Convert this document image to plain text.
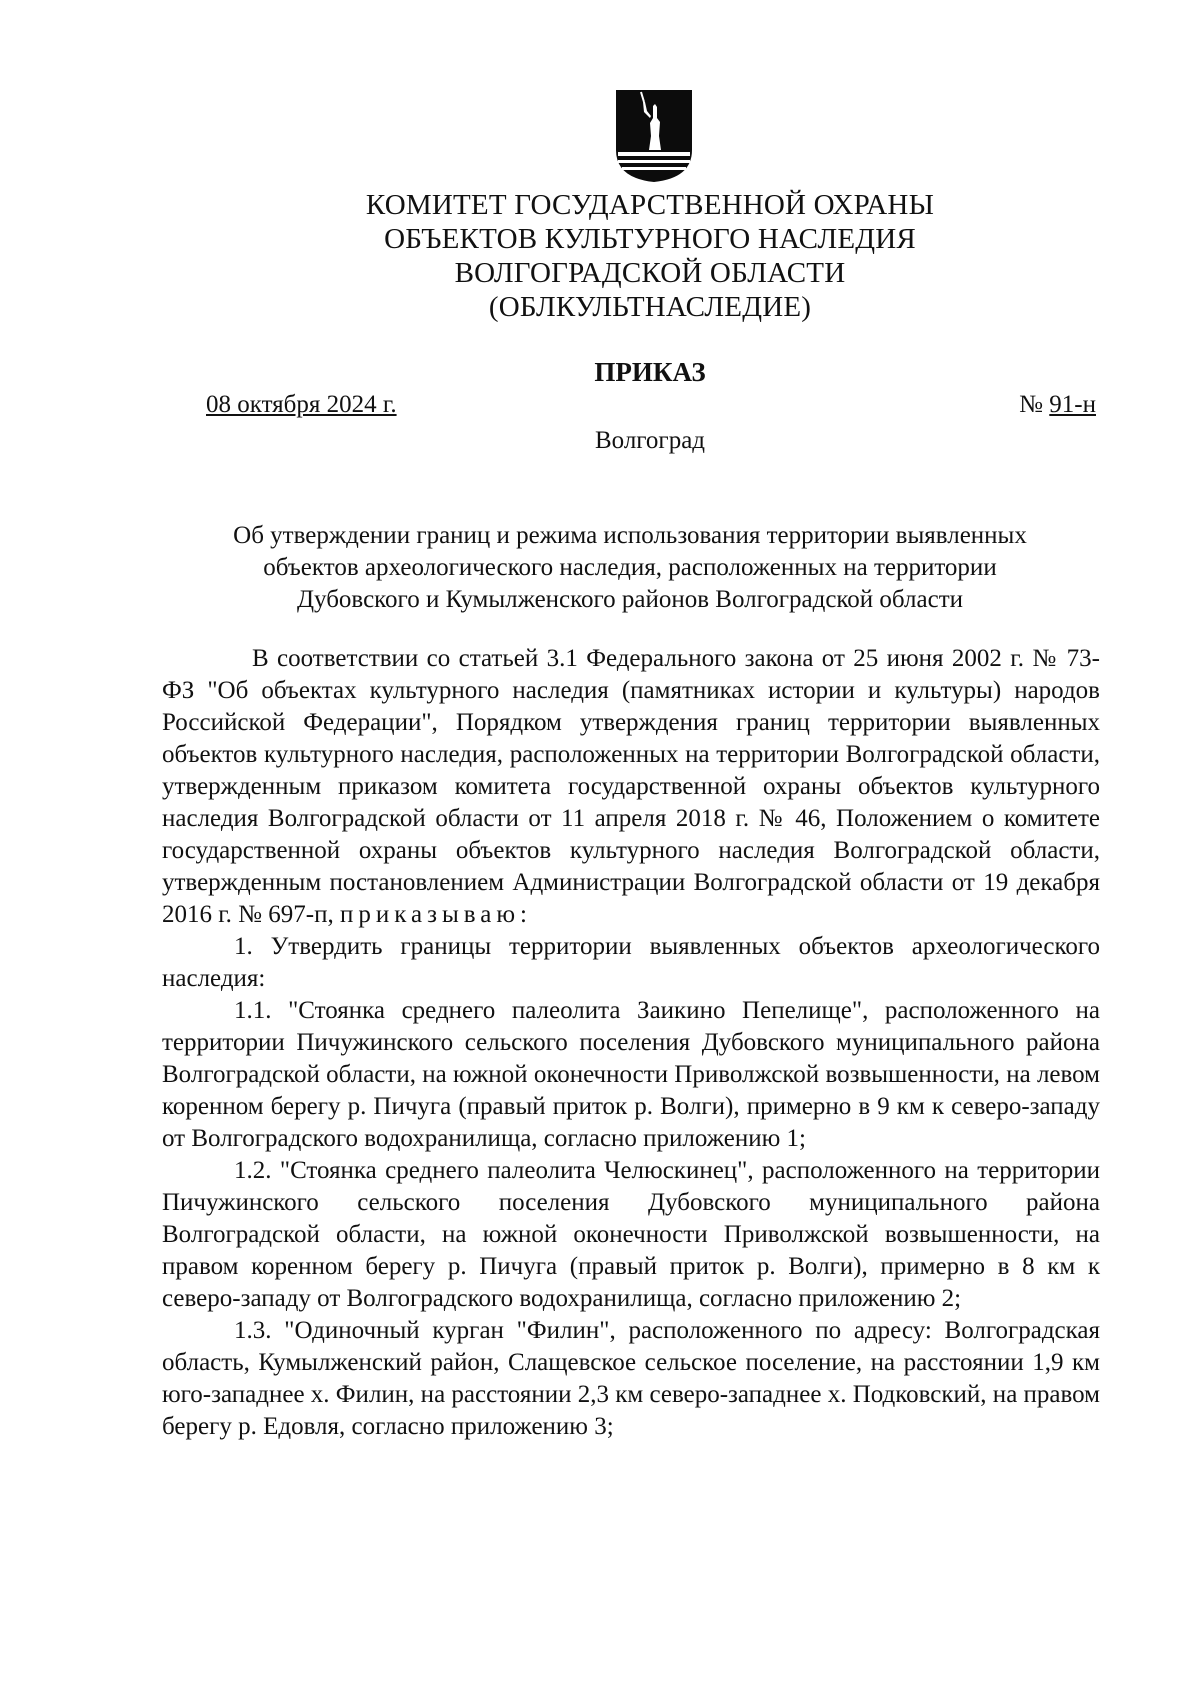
КОМИТЕТ ГОСУДАРСТВЕННОЙ ОХРАНЫ
ОБЪЕКТОВ КУЛЬТУРНОГО НАСЛЕДИЯ
ВОЛГОГРАДСКОЙ ОБЛАСТИ
(ОБЛКУЛЬТНАСЛЕДИЕ)
ПРИКАЗ
08 октября 2024 г.	№ 91-н
Волгоград
Об утверждении границ и режима использования территории выявленных
объектов археологического наследия, расположенных на территории
Дубовского и Кумылженского районов Волгоградской области

В соответствии со статьей 3.1 Федерального закона от 25 июня 2002 г. № 73-ФЗ "Об объектах культурного наследия (памятниках истории и культуры) народов Российской Федерации", Порядком утверждения границ территории выявленных объектов культурного наследия, расположенных на территории Волгоградской области, утвержденным приказом комитета государственной охраны объектов культурного наследия Волгоградской области от 11 апреля 2018 г. № 46, Положением о комитете государственной охраны объектов культурного наследия Волгоградской области, утвержденным постановлением Администрации Волгоградской области от 19 декабря 2016 г. № 697-п, приказываю:

1. Утвердить границы территории выявленных объектов археологического наследия:

1.1. "Стоянка среднего палеолита Заикино Пепелище", расположенного на территории Пичужинского сельского поселения Дубовского муниципального района Волгоградской области, на южной оконечности Приволжской возвышенности, на левом коренном берегу р. Пичуга (правый приток р. Волги), примерно в 9 км к северо-западу от Волгоградского водохранилища, согласно приложению 1;

1.2. "Стоянка среднего палеолита Челюскинец", расположенного на территории Пичужинского сельского поселения Дубовского муниципального района Волгоградской области, на южной оконечности Приволжской возвышенности, на правом коренном берегу р. Пичуга (правый приток р. Волги), примерно в 8 км к северо-западу от Волгоградского водохранилища, согласно приложению 2;

1.3. "Одиночный курган "Филин", расположенного по адресу: Волгоградская область, Кумылженский район, Слащевское сельское поселение, на расстоянии 1,9 км юго-западнее х. Филин, на расстоянии 2,3 км северо-западнее х. Подковский, на правом берегу р. Едовля, согласно приложению 3;
